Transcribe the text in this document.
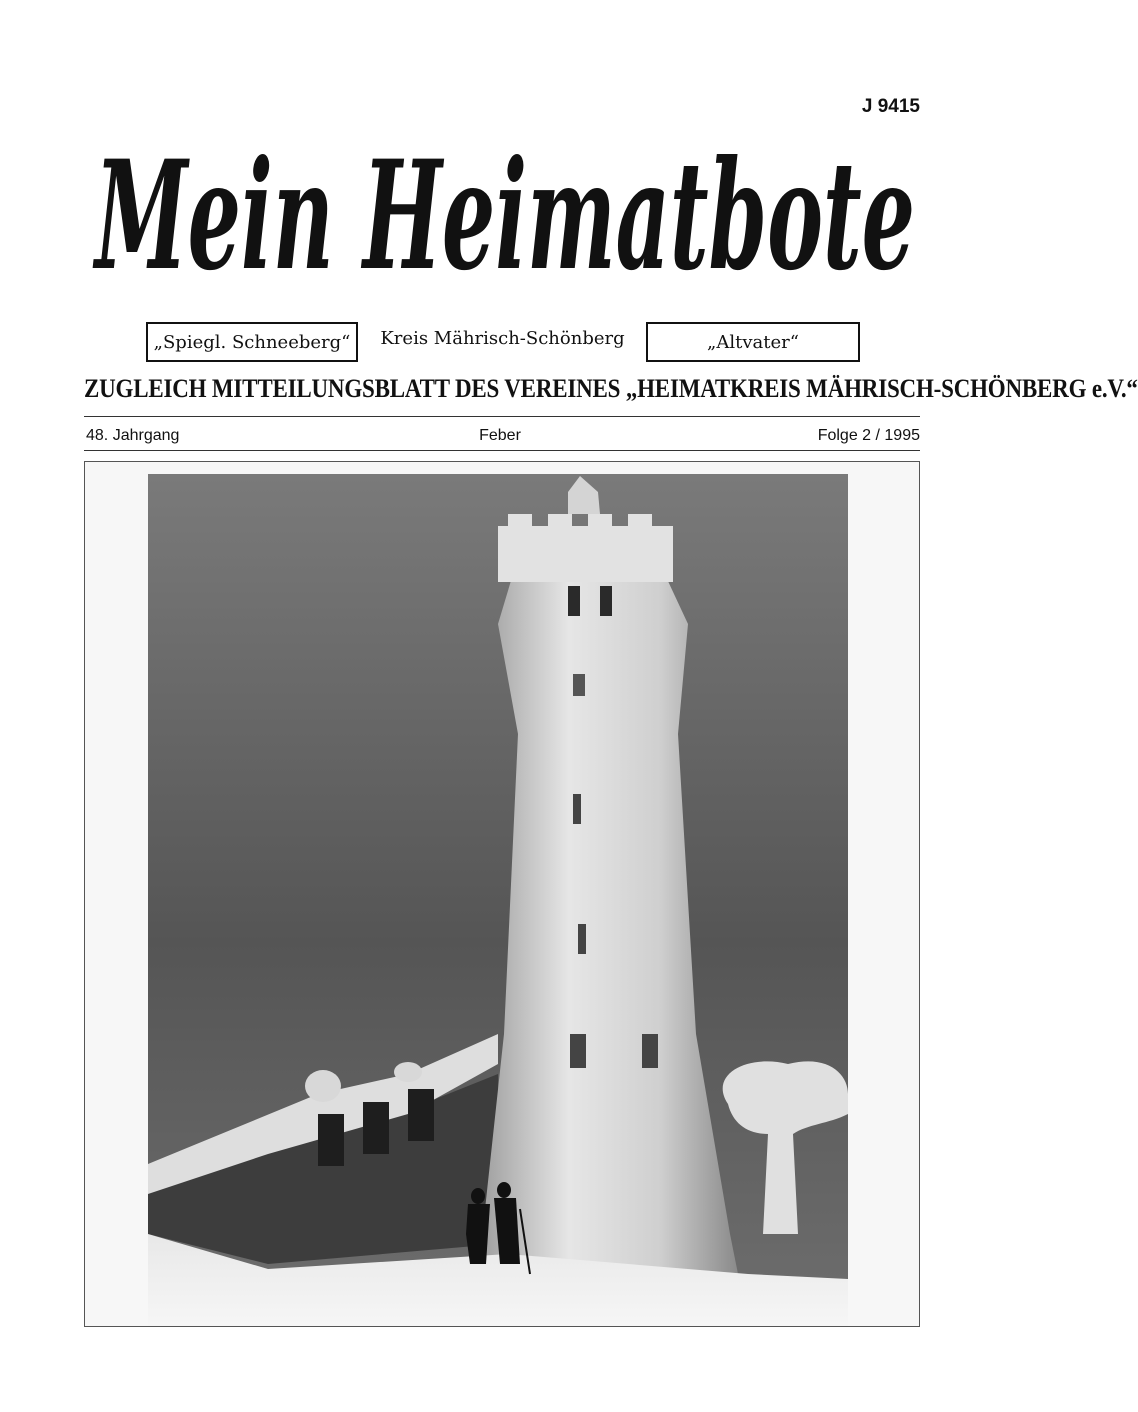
J 9415
Mein Heimatbote
„Spiegl. Schneeberg“	Kreis Mährisch-Schönberg	„Altvater“
ZUGLEICH MITTEILUNGSBLATT DES VEREINES „HEIMATKREIS MÄHRISCH-SCHÖNBERG e.V.“
48. Jahrgang	Feber	Folge 2 / 1995
